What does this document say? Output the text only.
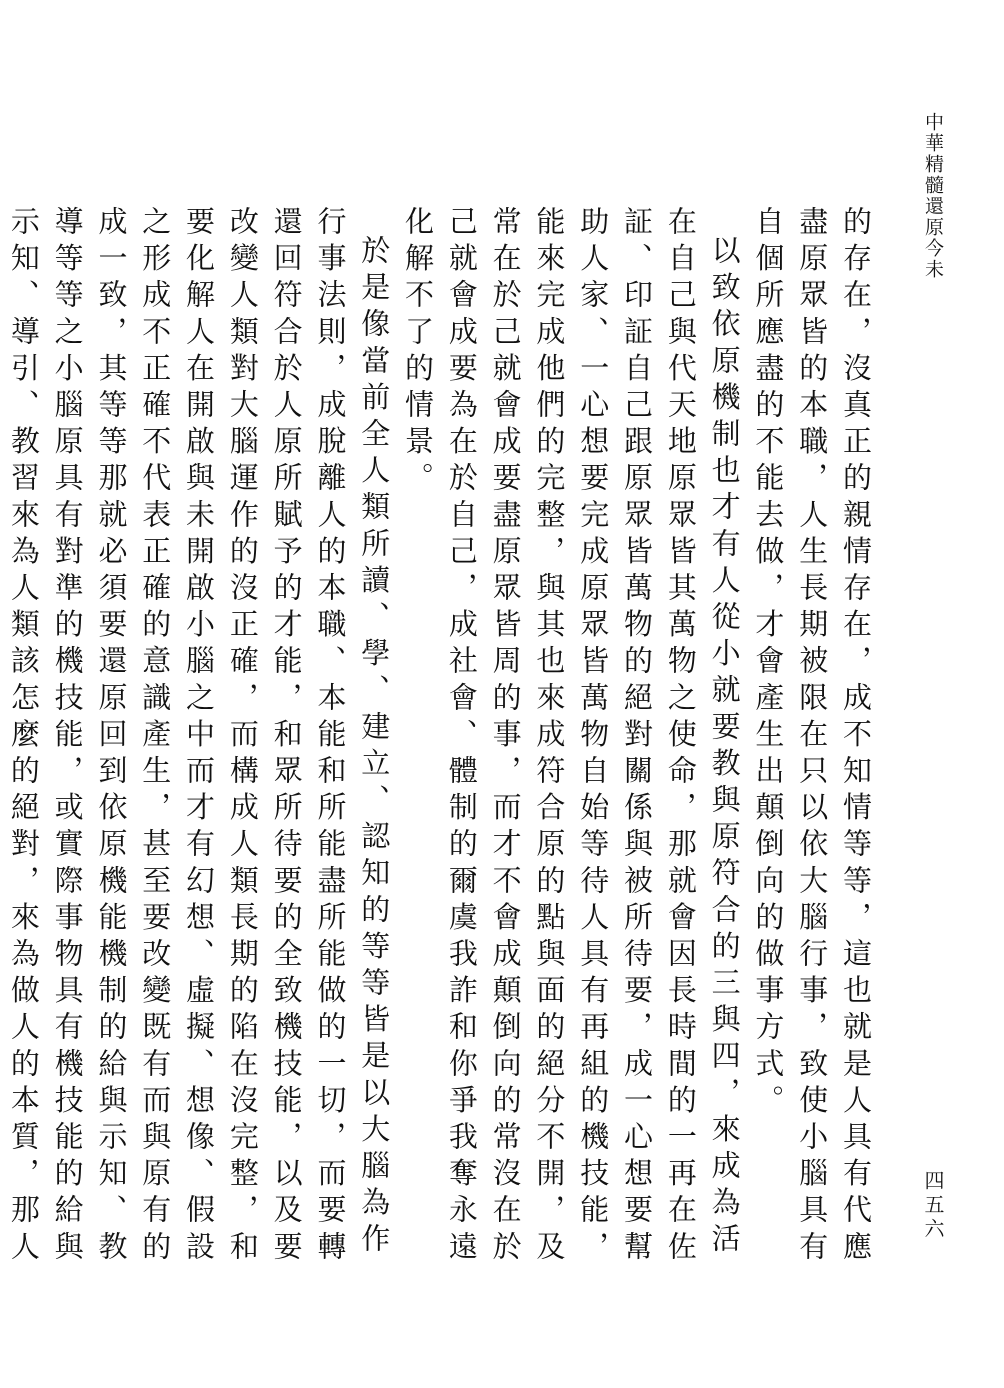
中華精髓還原今未

的存在，沒真正的親情存在，成不知情等等，這也就是人具有代應盡原眾皆的本職，人生長期被限在只以依大腦行事，致使小腦具有自個所應盡的不能去做，才會產生出顛倒向的做事方式。

以致依原機制也才有人從小就要教與原符合的三與四，來成為活在自己與代天地原眾皆其萬物之使命，那就會因長時間的一再在佐証、印証自己跟原眾皆萬物的絕對關係與被所待要，成一心想要幫助人家、一心想要完成原眾皆萬物自始等待人具有再組的機技能，能來完成他們的完整，與其也來成符合原的點與面的絕分不開，及常在於己就會成要盡原眾皆周的事，而才不會成顛倒向的常沒在於己就會成要為在於自己，成社會、體制的爾虞我詐和你爭我奪永遠化解不了的情景。

於是像當前全人類所讀、學、建立、認知的等等皆是以大腦為作行事法則，成脫離人的本職、本能和所能盡所能做的一切，而要轉還回符合於人原所賦予的才能，和眾所待要的全致機技能，以及要改變人類對大腦運作的沒正確，而構成人類長期的陷在沒完整，和要化解人在開啟與未開啟小腦之中而才有幻想、虛擬、想像、假設之形成不正確不代表正確的意識產生，甚至要改變既有而與原有的成一致，其等等那就必須要還原回到依原機能機制的給與示知、教導等等之小腦原具有對準的機技能，或實際事物具有機技能的給與示知、導引、教習來為人類該怎麼的絕對，來為做人的本質，那人

四五六
